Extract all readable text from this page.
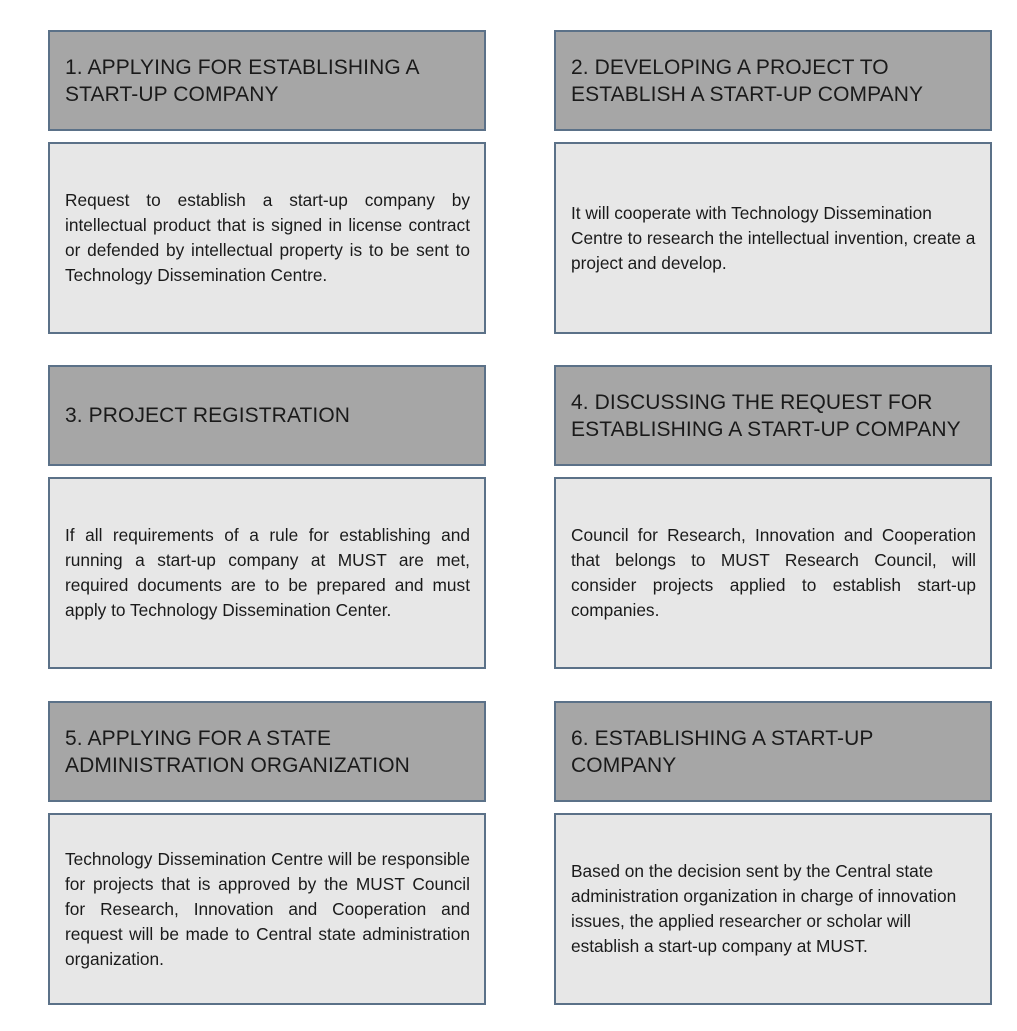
1. APPLYING FOR ESTABLISHING A START-UP COMPANY
Request to establish a start-up company by intellectual product that is signed in license contract or defended by intellectual property is to be sent to Technology Dissemination Centre.
2. DEVELOPING A PROJECT TO ESTABLISH A START-UP COMPANY
It will cooperate with Technology Dissemination Centre to research the intellectual invention, create a project and develop.
3. PROJECT REGISTRATION
If all requirements of a rule for establishing and running a start-up company at MUST are met, required documents are to be prepared and must apply to Technology Dissemination Center.
4. DISCUSSING THE REQUEST FOR ESTABLISHING A START-UP COMPANY
Council for Research, Innovation and Cooperation that belongs to MUST Research Council, will consider projects applied to establish start-up companies.
5. APPLYING FOR A STATE ADMINISTRATION ORGANIZATION
Technology Dissemination Centre will be responsible for projects that is approved by the MUST Council for Research, Innovation and Cooperation and request will be made to Central state administration organization.
6. ESTABLISHING A START-UP COMPANY
Based on the decision sent by the Central state administration organization in charge of innovation issues, the applied researcher or scholar will establish a start-up company at MUST.
